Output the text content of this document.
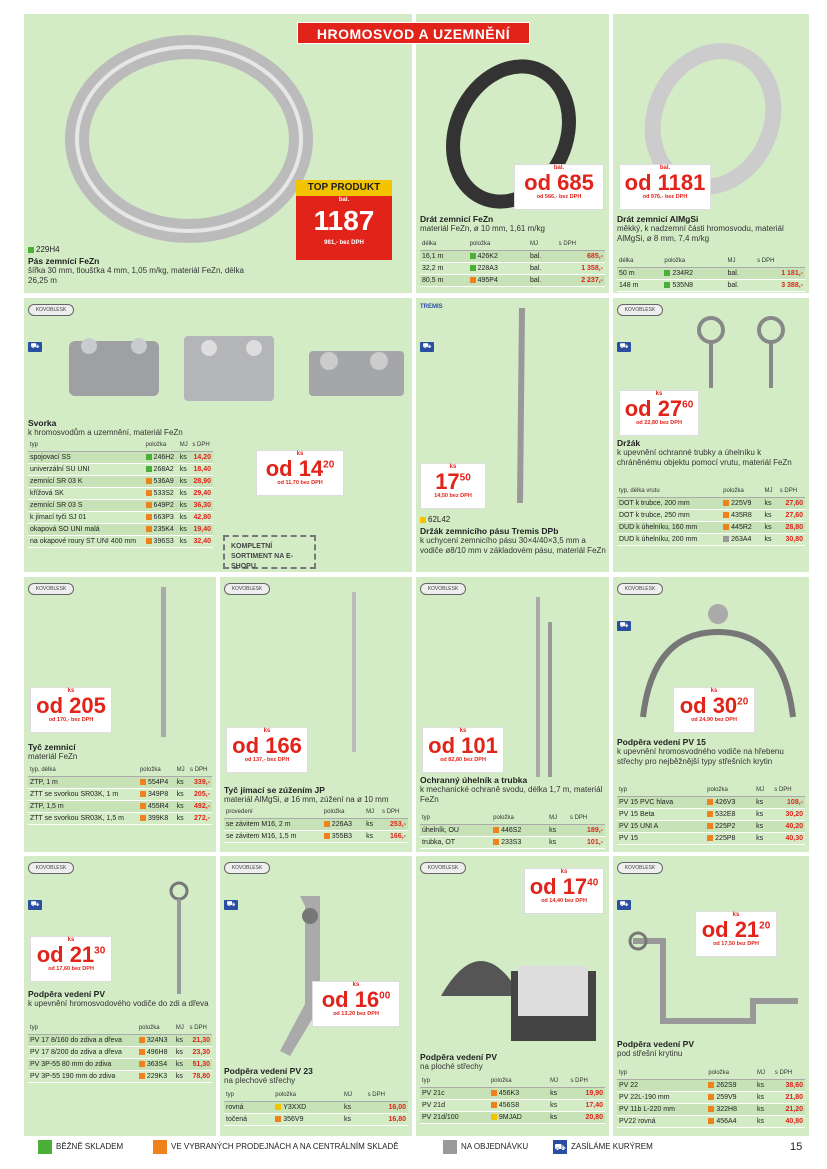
HROMOSVOD A UZEMNĚNÍ
229H4
Pás zemnící FeZn
šířka 30 mm, tloušťka 4 mm, 1,05 m/kg, materiál FeZn, délka 26,25 m
TOP PRODUKT
bal.
1187
981,- bez DPH
bal.
od 685
od 566,- bez DPH
Drát zemnicí FeZn
materiál FeZn, ø 10 mm, 1,61 m/kg
délka	položka	MJ	s DPH
16,1 m	426K2	bal.	685,-
32,2 m	228A3	bal.	1 358,-
80,5 m	495P4	bal.	2 237,-
bal.
od 1181
od 976,- bez DPH
Drát zemnicí AlMgSi
měkký, k nadzemní části hromosvodu, materiál AlMgSi, ø 8 mm, 7,4 m/kg
délka	položka	MJ	s DPH
50 m	234R2	bal.	1 181,-
148 m	535N8	bal.	3 388,-
KOVOBLESK
⛟
Svorka
k hromosvodům a uzemnění, materiál FeZn
typ	položka	MJ	s DPH
spojovací SS	246H2	ks	14,20
univerzální SU UNI	268A2	ks	18,40
zemnící SR 03 K	536A9	ks	28,90
křížová SK	533S2	ks	29,40
zemnící SR 03 S	649P2	ks	36,30
k jímací tyči SJ 01	663P3	ks	42,80
okapová SO UNI malá	235K4	ks	19,40
na okapové roury ST UNI 400 mm	396S3	ks	32,40
ks
od $14^{20}$
od 11,70 bez DPH
KOMPLETNÍ SORTIMENT NA E-SHOPU
TREMIS
⛟
ks
$17^{50}$
14,50 bez DPH
62L42
Držák zemnicího pásu Tremis DPb
k uchycení zemnicího pásu 30×4/40×3,5 mm a vodiče ø8/10 mm v základovém pásu, materiál FeZn
KOVOBLESK
⛟
ks
od $27^{60}$
od 22,80 bez DPH
Držák
k upevnění ochranné trubky a úhelníku k chráněnému objektu pomocí vrutu, materiál FeZn
typ, délka vrutu	položka	MJ	s DPH
DOT k trubce, 200 mm	225V9	ks	27,60
DOT k trubce, 250 mm	435R8	ks	27,60
DUD k úhelníku, 160 mm	445R2	ks	28,80
DUD k úhelníku, 200 mm	263A4	ks	30,80
KOVOBLESK
ks
od 205
od 170,- bez DPH
Tyč zemnicí
materiál FeZn
typ, délka	položka	MJ	s DPH
ZTP, 1 m	554P4	ks	339,-
ZTT se svorkou SR03K, 1 m	349P8	ks	205,-
ZTP, 1,5 m	455R4	ks	492,-
ZTT se svorkou SR03K, 1,5 m	399K8	ks	272,-
KOVOBLESK
ks
od 166
od 137,- bez DPH
Tyč jímací se zúžením JP
materiál AlMgSi, ø 16 mm, zúžení na ø 10 mm
provedení	položka	MJ	s DPH
se závitem M16, 2 m	226A3	ks	253,-
se závitem M16, 1,5 m	355B3	ks	166,-
KOVOBLESK
ks
od 101
od 82,80 bez DPH
Ochranný úhelník a trubka
k mechanické ochraně svodu, délka 1,7 m, materiál FeZn
typ	položka	MJ	s DPH
úhelník, OU	446S2	ks	189,-
trubka, OT	233S3	ks	101,-
KOVOBLESK
⛟
ks
od $30^{20}$
od 24,90 bez DPH
Podpěra vedení PV 15
k upevnění hromosvodného vodiče na hřebenu střechy pro nejběžnější typy střešních krytin
typ	položka	MJ	s DPH
PV 15 PVC hlava	426V3	ks	108,-
PV 15 Beta	532E8	ks	30,20
PV 15 UNI A	225P2	ks	40,20
PV 15	225P8	ks	40,30
KOVOBLESK
⛟
ks
od $21^{30}$
od 17,60 bez DPH
Podpěra vedení PV
k upevnění hromosvodového vodiče do zdi a dřeva
typ	položka	MJ	s DPH
PV 17 8/160 do zdiva a dřeva	324N3	ks	21,30
PV 17 8/200 do zdiva a dřeva	496H8	ks	23,30
PV 3P-55 80 mm do zdiva	363S4	ks	51,30
PV 3P-55 190 mm do zdiva	229K3	ks	78,80
KOVOBLESK
⛟
ks
od $16^{00}$
od 13,20 bez DPH
Podpěra vedení PV 23
na plechové střechy
typ	položka	MJ	s DPH
rovná	Y3XXD	ks	16,00
točená	356V9	ks	16,80
KOVOBLESK
ks
od $17^{40}$
od 14,40 bez DPH
Podpěra vedení PV
na ploché střechy
typ	položka	MJ	s DPH
PV 21c	456K3	ks	19,90
PV 21d	456S8	ks	17,40
PV 21d/100	9MJAD	ks	20,80
KOVOBLESK
⛟
ks
od $21^{20}$
od 17,50 bez DPH
Podpěra vedení PV
pod střešní krytinu
typ	položka	MJ	s DPH
PV 22	262S9	ks	38,60
PV 22L-190 mm	259V9	ks	21,80
PV 11b L-220 mm	322H8	ks	21,20
PV22 rovná	456A4	ks	40,80
BĚŽNĚ SKLADEM	VE VYBRANÝCH PRODEJNÁCH A NA CENTRÁLNÍM SKLADĚ	NA OBJEDNÁVKU	⛟ ZASÍLÁME KURÝREM	15
